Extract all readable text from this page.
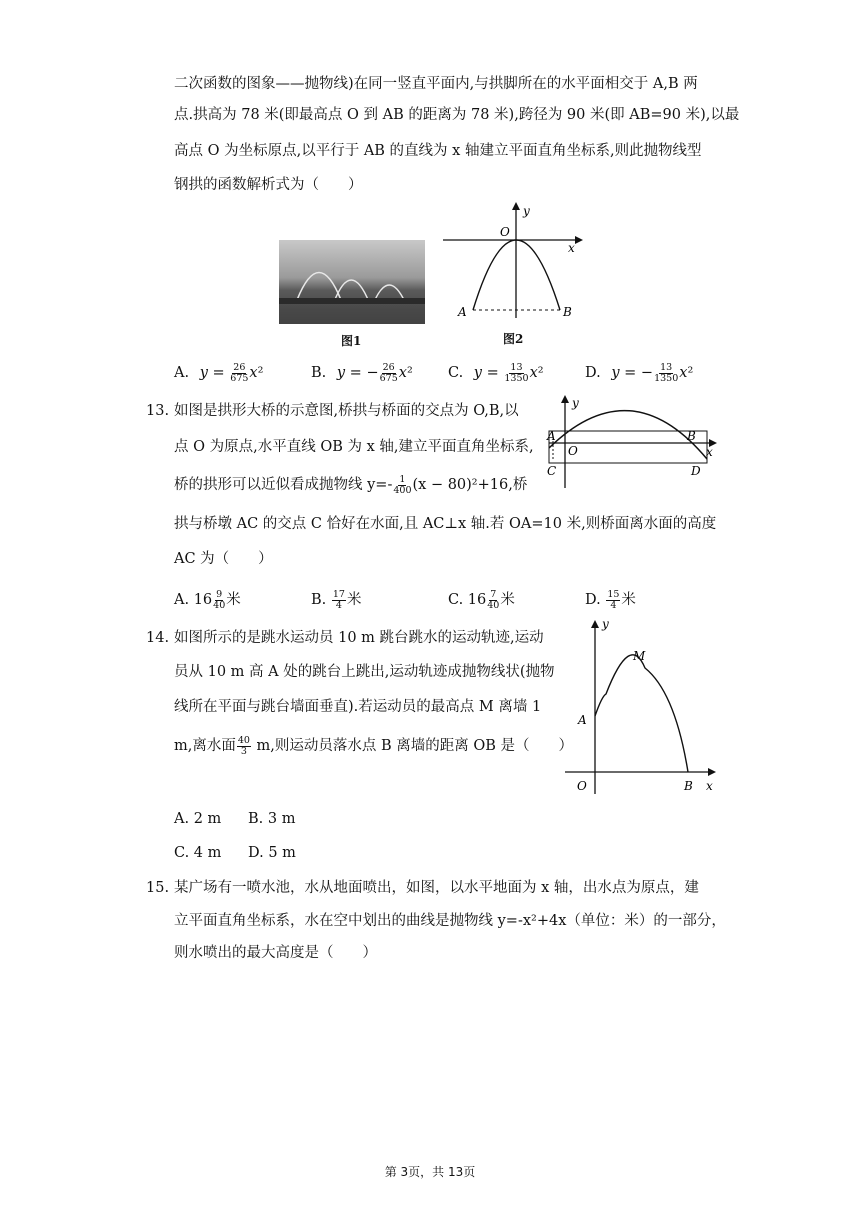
二次函数的图象——抛物线)在同一竖直平面内,与拱脚所在的水平面相交于 A,B 两
点.拱高为 78 米(即最高点 O 到 AB 的距离为 78 米),跨径为 90 米(即 AB=90 米),以最
高点 O 为坐标原点,以平行于 AB 的直线为 x 轴建立平面直角坐标系,则此抛物线型
钢拱的函数解析式为（　　）
图1
y
x
O
A	B
图2
A. $y = \frac{26}{675} x^2$	B. y = − $\frac{26}{675} x^2$ C. $y = \frac{13}{1350} x^2$	D. y = − $\frac{13}{1350} x^2$
13. 如图是拱形大桥的示意图,桥拱与桥面的交点为 O,B,以
点 O 为原点,水平直线 OB 为 x 轴,建立平面直角坐标系,
桥的拱形可以近似看成抛物线 $y=- \frac{1}{400} (x - 80)^2+16$,桥
拱与桥墩 AC 的交点 C 恰好在水面,且 AC⊥x 轴.若 OA=10 米,则桥面离水面的高度
AC 为（　　）
y
x
A
O
B
C	D
A. $16 \frac{9}{40}$ 米	B. $\frac{17}{4}$ 米	C. $16 \frac{7}{40}$ 米	D. $\frac{15}{4}$ 米
14. 如图所示的是跳水运动员 10 m 跳台跳水的运动轨迹,运动
员从 10 m 高 A 处的跳台上跳出,运动轨迹成抛物线状(抛物
线所在平面与跳台墙面垂直).若运动员的最高点 M 离墙 1
m,离水面 $\frac{40}{3} m$,则运动员落水点 B 离墙的距离 OB 是（　　）
y
x
M
A
O	B
A. 2 m B. 3 m
C. 4 m D. 5 m
15. 某广场有一喷水池，水从地面喷出，如图，以水平地面为 x 轴，出水点为原点，建
立平面直角坐标系，水在空中划出的曲线是抛物线 y=-x²+4x（单位：米）的一部分，
则水喷出的最大高度是（　　）
第 3页，共 13页
